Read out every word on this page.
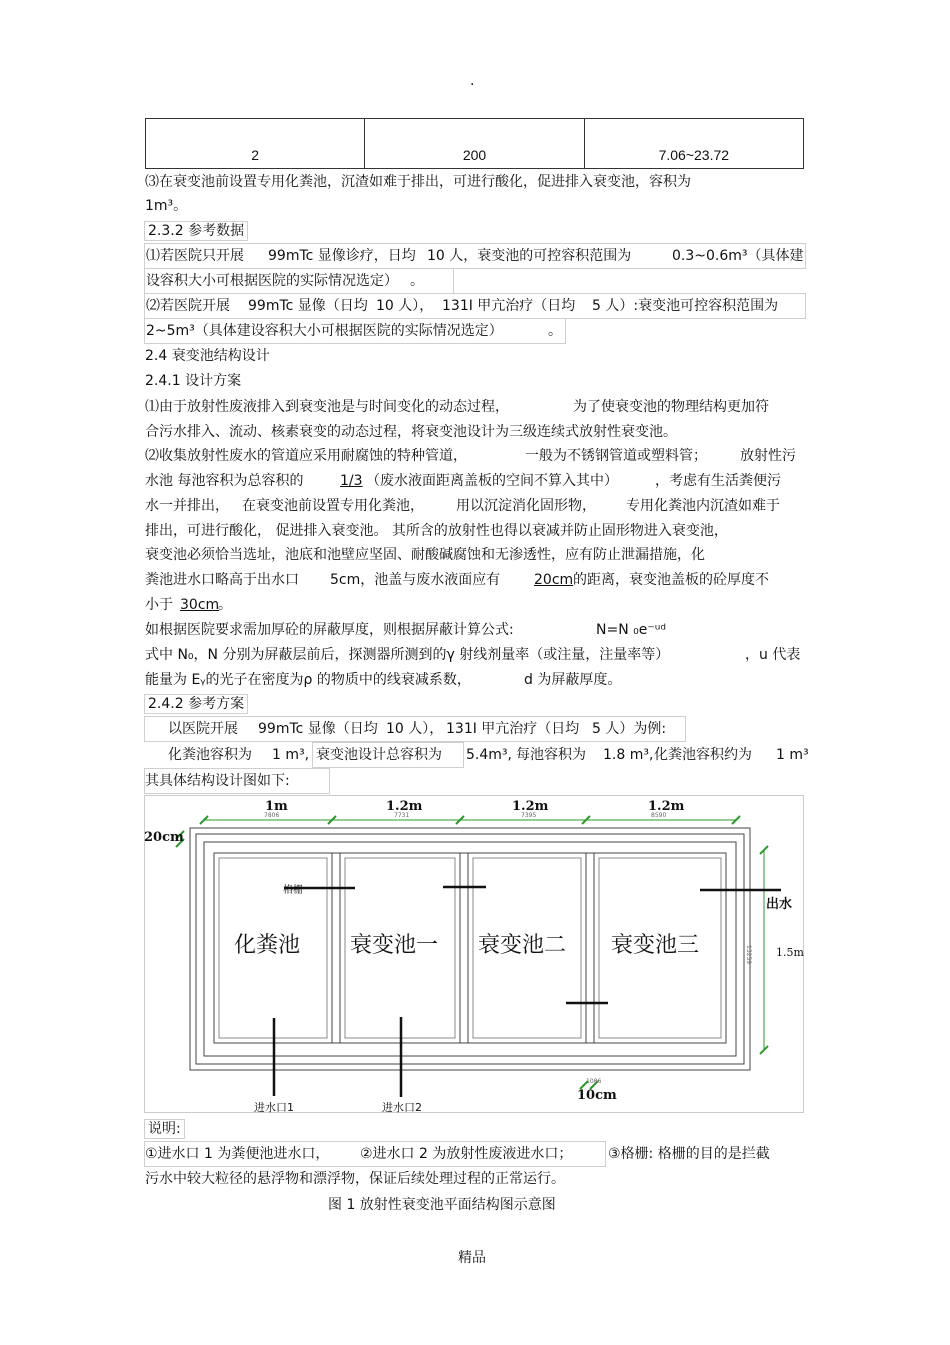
·
2	200	7.06~23.72
⑶在衰变池前设置专用化粪池，沉渣如难于排出，可进行酸化，促进排入衰变池，容积为
1m³。
2.3.2 参考数据
⑴若医院只开展 99mTc 显像诊疗，日均 10 人，衰变池的可控容积范围为	0.3~0.6m³（具体建
设容积大小可根据医院的实际情况选定） 。
⑵若医院开展 99mTc 显像（日均 10 人）， 131I 甲亢治疗（日均 5 人）:衰变池可控容积范围为
2~5m³（具体建设容积大小可根据医院的实际情况选定）	。
2.4 衰变池结构设计
2.4.1 设计方案
⑴由于放射性废液排入到衰变池是与时间变化的动态过程，	为了使衰变池的物理结构更加符
合污水排入、流动、核素衰变的动态过程，将衰变池设计为三级连续式放射性衰变池。
⑵收集放射性废水的管道应采用耐腐蚀的特种管道，	一般为不锈钢管道或塑料管； 放射性污
水池 每池容积为总容积的	1/3 （废水液面距离盖板的空间不算入其中）	，考虑有生活粪便污
水一并排出， 在衰变池前设置专用化粪池， 用以沉淀消化固形物， 专用化粪池内沉渣如难于
排出，可进行酸化， 促进排入衰变池。 其所含的放射性也得以衰减并防止固形物进入衰变池，
衰变池必须恰当选址，池底和池壁应坚固、耐酸碱腐蚀和无渗透性，应有防止泄漏措施，化
粪池进水口略高于出水口 5cm，池盖与废水液面应有 20cm 的距离，衰变池盖板的砼厚度不
小于 30cm
。
如根据医院要求需加厚砼的屏蔽厚度，则根据屏蔽计算公式:	N=N ₀e⁻ᵘᵈ
式中 N₀，N 分别为屏蔽层前后，探测器所测到的γ 射线剂量率（或注量，注量率等）	，u 代表
能量为 Eᵧ的光子在密度为ρ 的物质中的线衰减系数，	d 为屏蔽厚度。
2.4.2 参考方案
以医院开展 99mTc 显像（日均 10 人）， 131I 甲亢治疗（日均 5 人）为例:
化粪池容积为 1 m³, 衰变池设计总容积为 5.4m³, 每池容积为 1.8 m³, 化粪池容积约为 1 m³
其具体结构设计图如下:
1m	1.2m	1.2m	1.2m
7806	7731	7395	8590
20cm
化粪池 衰变池一 衰变池二 衰变池三
格栅
出水
1.5m
13259
进水口1	进水口2
10cm
1086
说明:
①进水口 1 为粪便池进水口， ②进水口 2 为放射性废液进水口；	③格栅: 格栅的目的是拦截
污水中较大粒径的悬浮物和漂浮物，保证后续处理过程的正常运行。
图 1 放射性衰变池平面结构图示意图
精品
